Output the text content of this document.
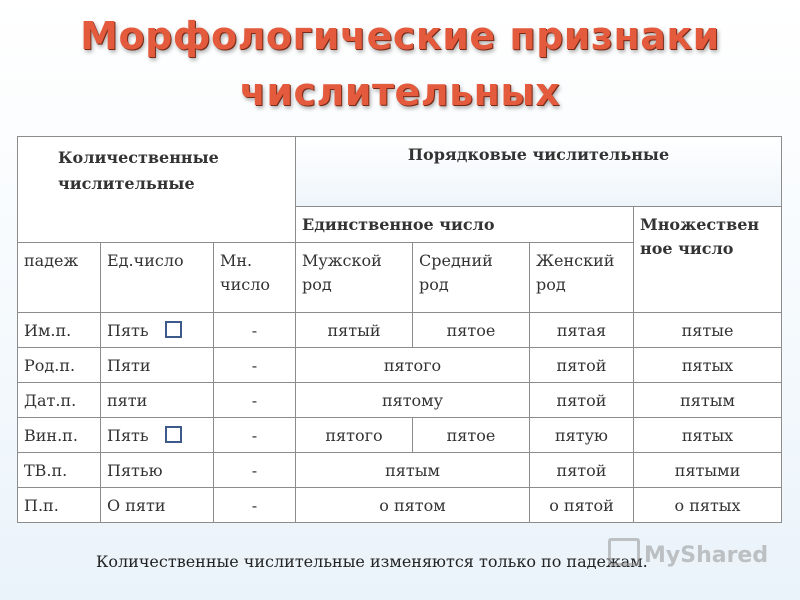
Морфологические признаки
числительных
Количественные числительные			Порядковые числительные			
			Единственное число			Множествен ное число
падеж	Ед.число	Мн. число	Мужской род	Средний род	Женский род	
Им.п.	Пять	-	пятый	пятое	пятая	пятые
Род.п.	Пяти	-	пятого		пятой	пятых
Дат.п.	пяти	-	пятому		пятой	пятым
Вин.п.	Пять	-	пятого	пятое	пятую	пятых
ТВ.п.	Пятью	-	пятым		пятой	пятыми
П.п.	О пяти	-	о пятом		о пятой	о пятых
Количественные числительные изменяются только по падежам.
MyShared
